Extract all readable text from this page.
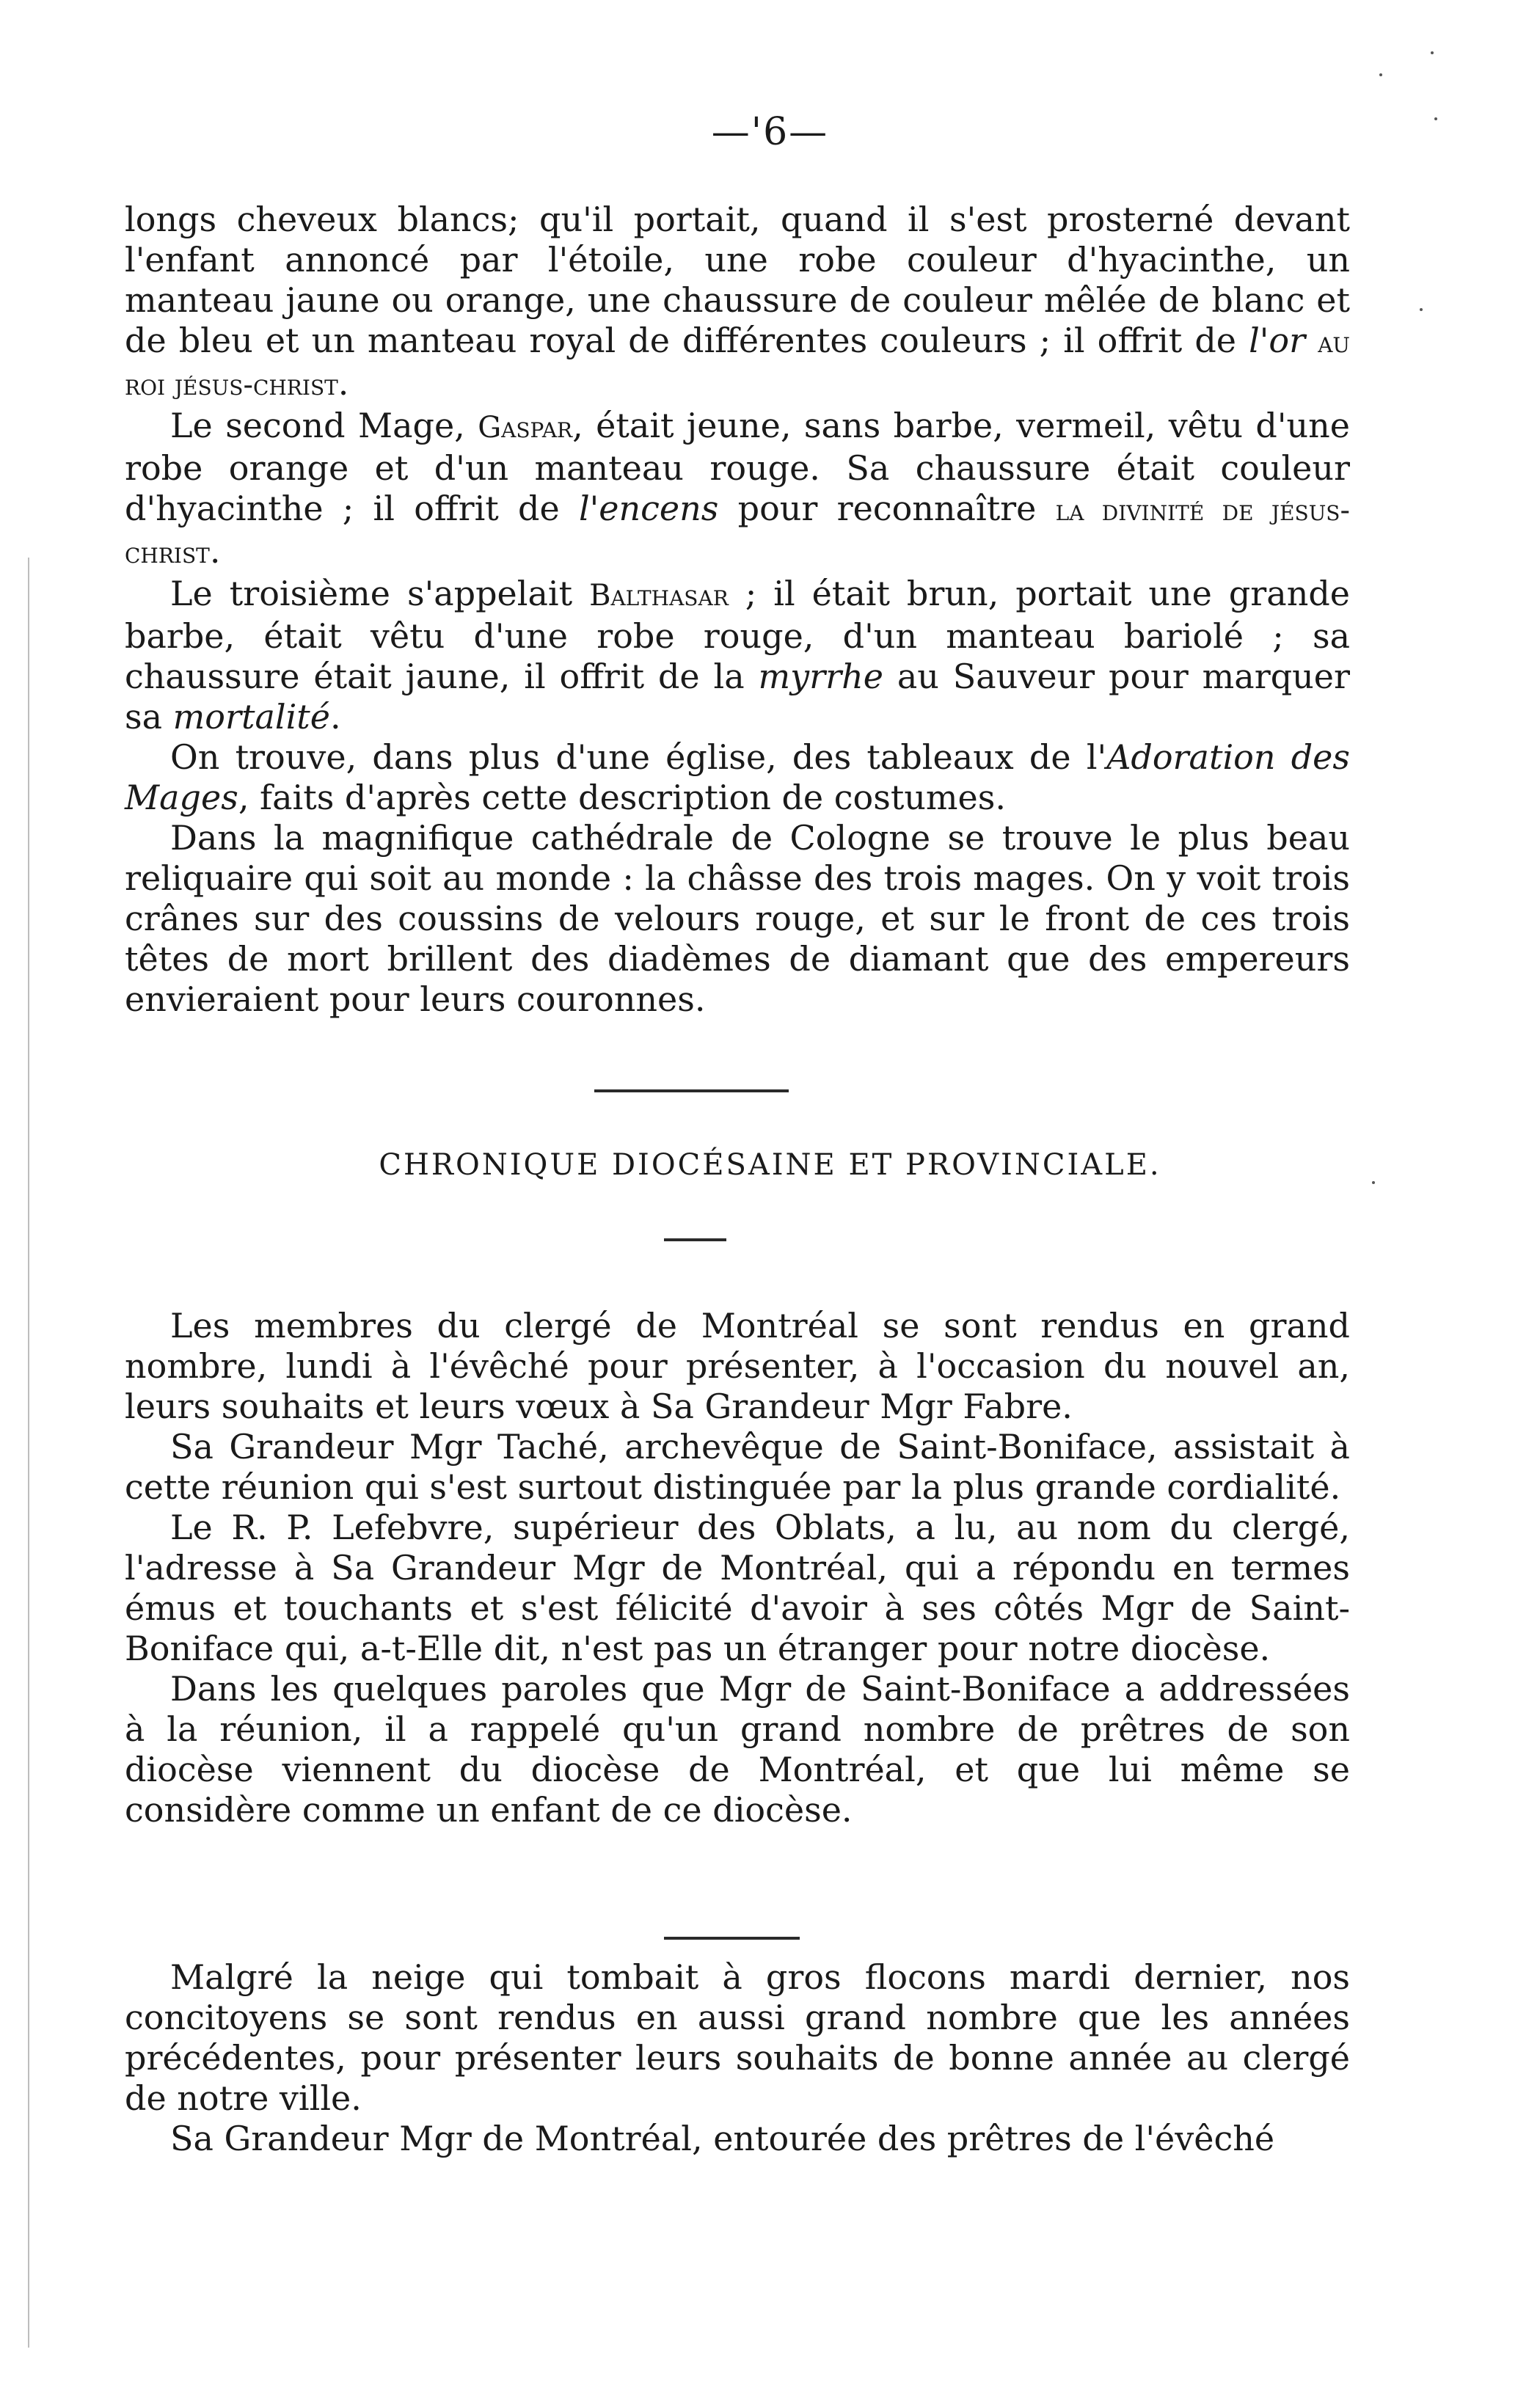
—'6—

longs cheveux blancs; qu'il portait, quand il s'est prosterné devant l'enfant annoncé par l'étoile, une robe couleur d'hyacinthe, un manteau jaune ou orange, une chaussure de couleur mêlée de blanc et de bleu et un manteau royal de différentes couleurs ; il offrit de l'or au roi jésus-christ.

Le second Mage, Gaspar, était jeune, sans barbe, vermeil, vêtu d'une robe orange et d'un manteau rouge. Sa chaussure était couleur d'hyacinthe ; il offrit de l'encens pour reconnaître la divinité de jésus-christ.

Le troisième s'appelait Balthasar ; il était brun, portait une grande barbe, était vêtu d'une robe rouge, d'un manteau bariolé ; sa chaussure était jaune, il offrit de la myrrhe au Sauveur pour marquer sa mortalité.

On trouve, dans plus d'une église, des tableaux de l'Adoration des Mages, faits d'après cette description de costumes.

Dans la magnifique cathédrale de Cologne se trouve le plus beau reliquaire qui soit au monde : la châsse des trois mages. On y voit trois crânes sur des coussins de velours rouge, et sur le front de ces trois têtes de mort brillent des diadèmes de diamant que des empereurs envieraient pour leurs couronnes.

CHRONIQUE DIOCÉSAINE ET PROVINCIALE.

Les membres du clergé de Montréal se sont rendus en grand nombre, lundi à l'évêché pour présenter, à l'occasion du nouvel an, leurs souhaits et leurs vœux à Sa Grandeur Mgr Fabre.

Sa Grandeur Mgr Taché, archevêque de Saint-Boniface, assistait à cette réunion qui s'est surtout distinguée par la plus grande cordialité.

Le R. P. Lefebvre, supérieur des Oblats, a lu, au nom du clergé, l'adresse à Sa Grandeur Mgr de Montréal, qui a répondu en termes émus et touchants et s'est félicité d'avoir à ses côtés Mgr de Saint-Boniface qui, a-t-Elle dit, n'est pas un étranger pour notre diocèse.

Dans les quelques paroles que Mgr de Saint-Boniface a addressées à la réunion, il a rappelé qu'un grand nombre de prêtres de son diocèse viennent du diocèse de Montréal, et que lui même se considère comme un enfant de ce diocèse.

Malgré la neige qui tombait à gros flocons mardi dernier, nos concitoyens se sont rendus en aussi grand nombre que les années précédentes, pour présenter leurs souhaits de bonne année au clergé de notre ville.

Sa Grandeur Mgr de Montréal, entourée des prêtres de l'évêché
